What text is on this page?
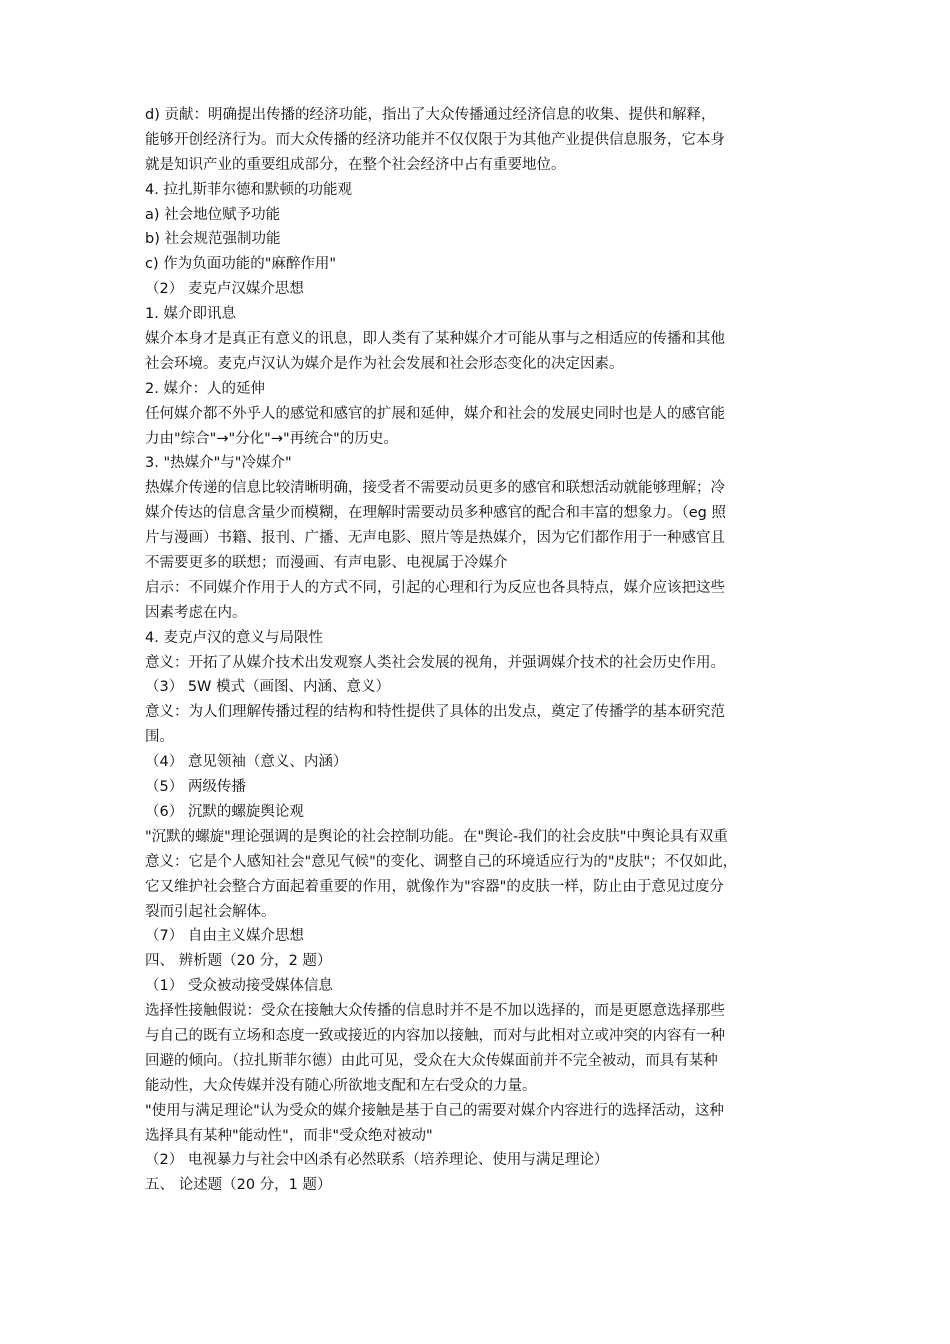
d) 贡献：明确提出传播的经济功能，指出了大众传播通过经济信息的收集、提供和解释，
能够开创经济行为。而大众传播的经济功能并不仅仅限于为其他产业提供信息服务，它本身
就是知识产业的重要组成部分，在整个社会经济中占有重要地位。
4. 拉扎斯菲尔德和默顿的功能观
a) 社会地位赋予功能
b) 社会规范强制功能
c) 作为负面功能的"麻醉作用"
（2） 麦克卢汉媒介思想
1. 媒介即讯息
媒介本身才是真正有意义的讯息，即人类有了某种媒介才可能从事与之相适应的传播和其他
社会环境。麦克卢汉认为媒介是作为社会发展和社会形态变化的决定因素。
2. 媒介：人的延伸
任何媒介都不外乎人的感觉和感官的扩展和延伸，媒介和社会的发展史同时也是人的感官能
力由"综合"→"分化"→"再统合"的历史。
3. "热媒介"与"冷媒介"
热媒介传递的信息比较清晰明确，接受者不需要动员更多的感官和联想活动就能够理解；冷
媒介传达的信息含量少而模糊，在理解时需要动员多种感官的配合和丰富的想象力。（eg 照
片与漫画）书籍、报刊、广播、无声电影、照片等是热媒介，因为它们都作用于一种感官且
不需要更多的联想；而漫画、有声电影、电视属于冷媒介
启示：不同媒介作用于人的方式不同，引起的心理和行为反应也各具特点，媒介应该把这些
因素考虑在内。
4. 麦克卢汉的意义与局限性
意义：开拓了从媒介技术出发观察人类社会发展的视角，并强调媒介技术的社会历史作用。
（3） 5W 模式（画图、内涵、意义）
意义：为人们理解传播过程的结构和特性提供了具体的出发点，奠定了传播学的基本研究范
围。
（4） 意见领袖（意义、内涵）
（5） 两级传播
（6） 沉默的螺旋舆论观
"沉默的螺旋"理论强调的是舆论的社会控制功能。在"舆论-我们的社会皮肤"中舆论具有双重
意义：它是个人感知社会"意见气候"的变化、调整自己的环境适应行为的"皮肤"；不仅如此，
它又维护社会整合方面起着重要的作用，就像作为"容器"的皮肤一样，防止由于意见过度分
裂而引起社会解体。
（7） 自由主义媒介思想
四、 辨析题（20 分，2 题）
（1） 受众被动接受媒体信息
选择性接触假说：受众在接触大众传播的信息时并不是不加以选择的，而是更愿意选择那些
与自己的既有立场和态度一致或接近的内容加以接触，而对与此相对立或冲突的内容有一种
回避的倾向。（拉扎斯菲尔德）由此可见，受众在大众传媒面前并不完全被动，而具有某种
能动性，大众传媒并没有随心所欲地支配和左右受众的力量。
"使用与满足理论"认为受众的媒介接触是基于自己的需要对媒介内容进行的选择活动，这种
选择具有某种"能动性"，而非"受众绝对被动"
（2） 电视暴力与社会中凶杀有必然联系（培养理论、使用与满足理论）
五、 论述题（20 分，1 题）
